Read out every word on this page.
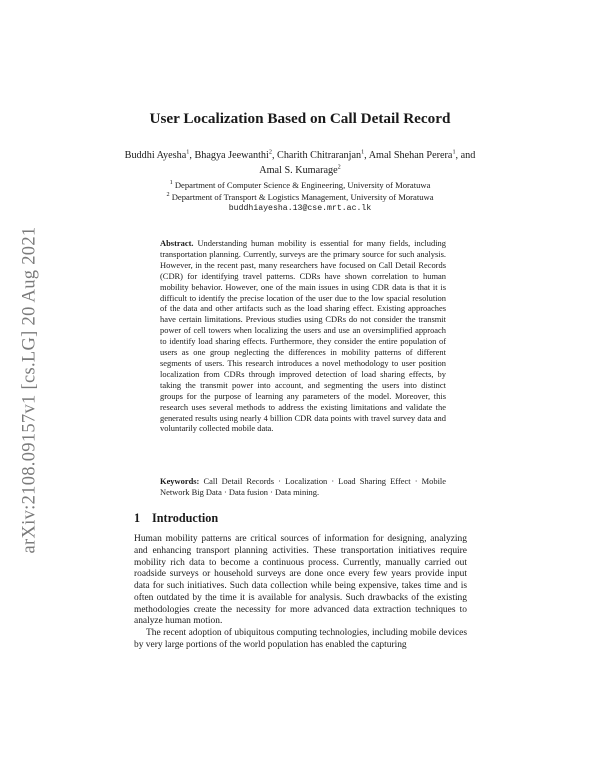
arXiv:2108.09157v1 [cs.LG] 20 Aug 2021
User Localization Based on Call Detail Record
Buddhi Ayesha$^1$, Bhagya Jeewanthi$^2$, Charith Chitraranjan$^1$, Amal Shehan Perera$^1$, and Amal S. Kumarage$^2$
$^1$ Department of Computer Science & Engineering, University of Moratuwa
$^2$ Department of Transport & Logistics Management, University of Moratuwa
buddhiayesha.13@cse.mrt.ac.lk
Abstract. Understanding human mobility is essential for many fields, including transportation planning. Currently, surveys are the primary source for such analysis. However, in the recent past, many researchers have focused on Call Detail Records (CDR) for identifying travel patterns. CDRs have shown correlation to human mobility behavior. However, one of the main issues in using CDR data is that it is difficult to identify the precise location of the user due to the low spacial resolution of the data and other artifacts such as the load sharing effect. Existing approaches have certain limitations. Previous studies using CDRs do not consider the transmit power of cell towers when localizing the users and use an oversimplified approach to identify load sharing effects. Furthermore, they consider the entire population of users as one group neglecting the differences in mobility patterns of different segments of users. This research introduces a novel methodology to user position localization from CDRs through improved detection of load sharing effects, by taking the transmit power into account, and segmenting the users into distinct groups for the purpose of learning any parameters of the model. Moreover, this research uses several methods to address the existing limitations and validate the generated results using nearly 4 billion CDR data points with travel survey data and voluntarily collected mobile data.
Keywords: Call Detail Records · Localization · Load Sharing Effect · Mobile Network Big Data · Data fusion · Data mining.
1 Introduction

Human mobility patterns are critical sources of information for designing, analyzing and enhancing transport planning activities. These transportation initiatives require mobility rich data to become a continuous process. Currently, manually carried out roadside surveys or household surveys are done once every few years provide input data for such initiatives. Such data collection while being expensive, takes time and is often outdated by the time it is available for analysis. Such drawbacks of the existing methodologies create the necessity for more advanced data extraction techniques to analyze human motion.

The recent adoption of ubiquitous computing technologies, including mobile devices by very large portions of the world population has enabled the capturing
